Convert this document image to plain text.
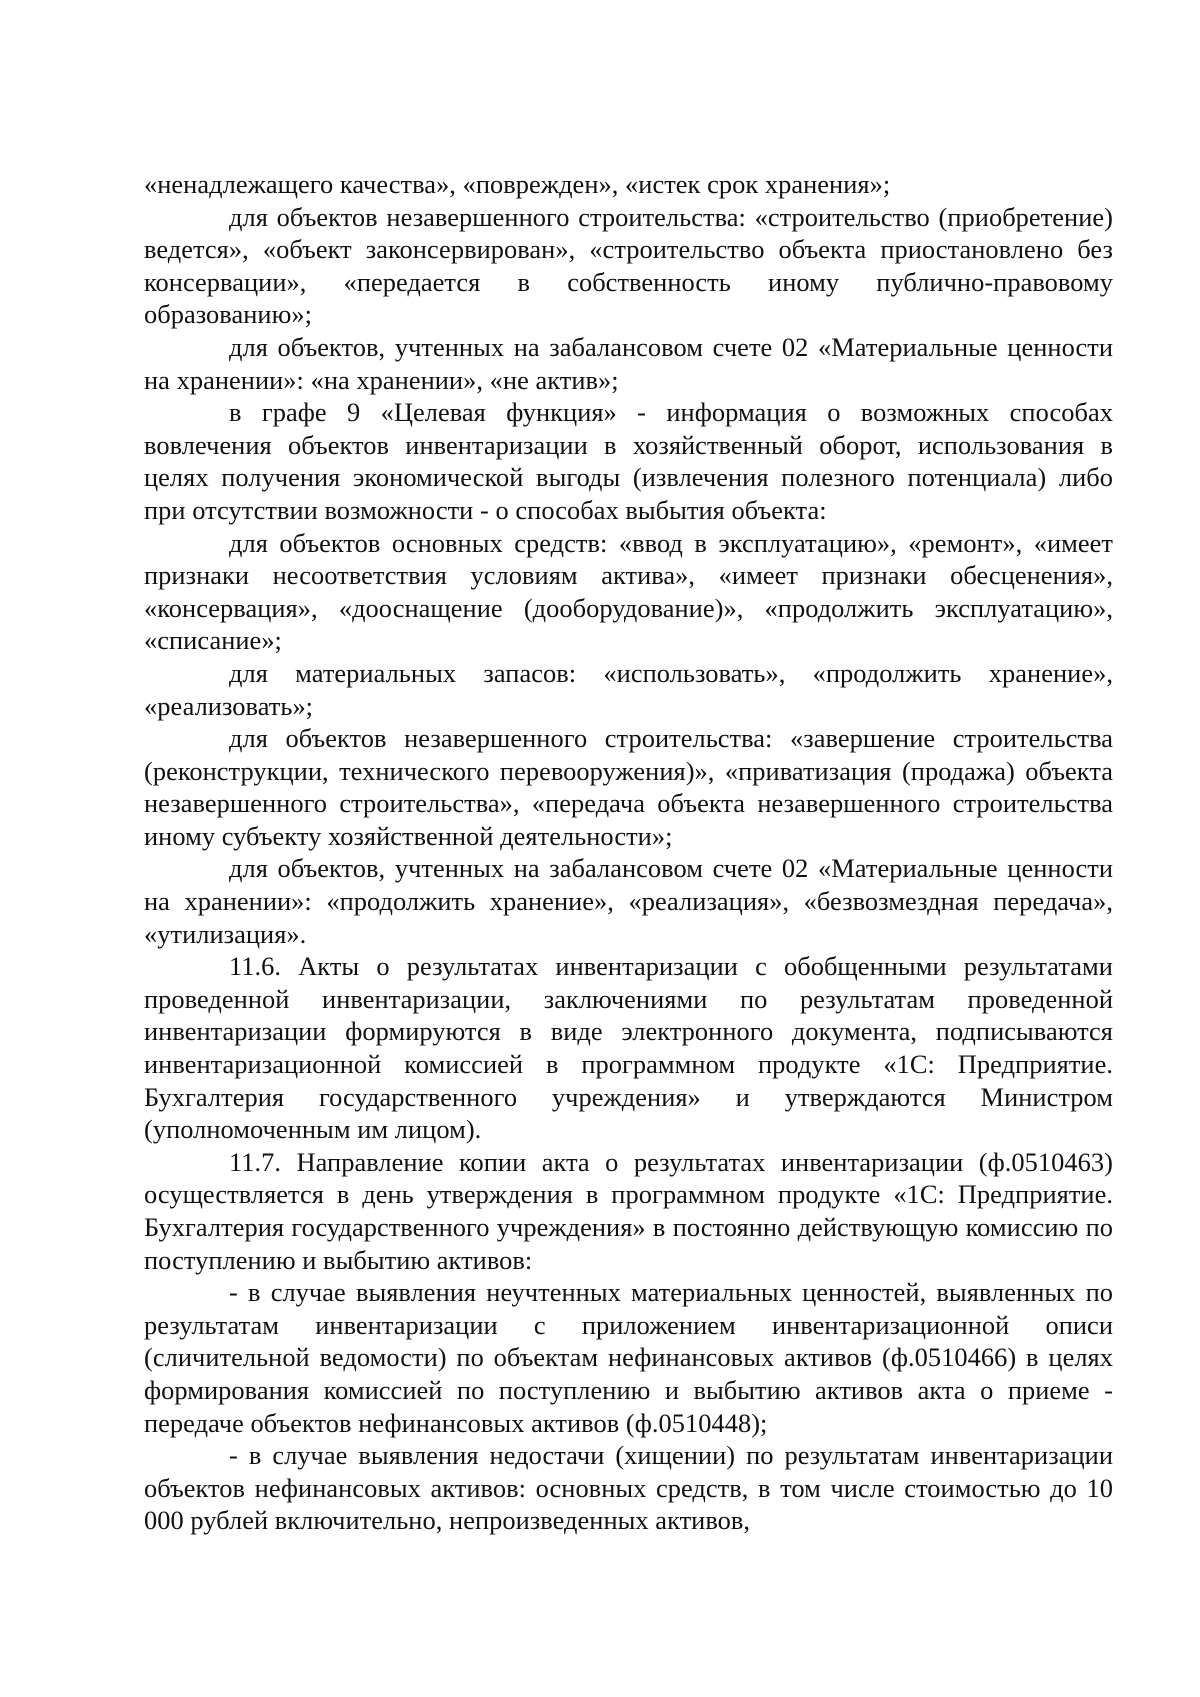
«ненадлежащего качества», «поврежден», «истек срок хранения»;

для объектов незавершенного строительства: «строительство (приобретение) ведется», «объект законсервирован», «строительство объекта приостановлено без консервации», «передается в собственность иному публично-правовому образованию»;

для объектов, учтенных на забалансовом счете 02 «Материальные ценности на хранении»: «на хранении», «не актив»;

в графе 9 «Целевая функция» - информация о возможных способах вовлечения объектов инвентаризации в хозяйственный оборот, использования в целях получения экономической выгоды (извлечения полезного потенциала) либо при отсутствии возможности - о способах выбытия объекта:

для объектов основных средств: «ввод в эксплуатацию», «ремонт», «имеет признаки несоответствия условиям актива», «имеет признаки обесценения», «консервация», «дооснащение (дооборудование)», «продолжить эксплуатацию», «списание»;

для материальных запасов: «использовать», «продолжить хранение», «реализовать»;

для объектов незавершенного строительства: «завершение строительства (реконструкции, технического перевооружения)», «приватизация (продажа) объекта незавершенного строительства», «передача объекта незавершенного строительства иному субъекту хозяйственной деятельности»;

для объектов, учтенных на забалансовом счете 02 «Материальные ценности на хранении»: «продолжить хранение», «реализация», «безвозмездная передача», «утилизация».

11.6. Акты о результатах инвентаризации с обобщенными результатами проведенной инвентаризации, заключениями по результатам проведенной инвентаризации формируются в виде электронного документа, подписываются инвентаризационной комиссией в программном продукте «1С: Предприятие. Бухгалтерия государственного учреждения» и утверждаются Министром (уполномоченным им лицом).

11.7. Направление копии акта о результатах инвентаризации (ф.0510463) осуществляется в день утверждения в программном продукте «1С: Предприятие. Бухгалтерия государственного учреждения» в постоянно действующую комиссию по поступлению и выбытию активов:

- в случае выявления неучтенных материальных ценностей, выявленных по результатам инвентаризации с приложением инвентаризационной описи (сличительной ведомости) по объектам нефинансовых активов (ф.0510466) в целях формирования комиссией по поступлению и выбытию активов акта о приеме - передаче объектов нефинансовых активов (ф.0510448);

- в случае выявления недостачи (хищении) по результатам инвентаризации объектов нефинансовых активов: основных средств, в том числе стоимостью до 10 000 рублей включительно, непроизведенных активов,
